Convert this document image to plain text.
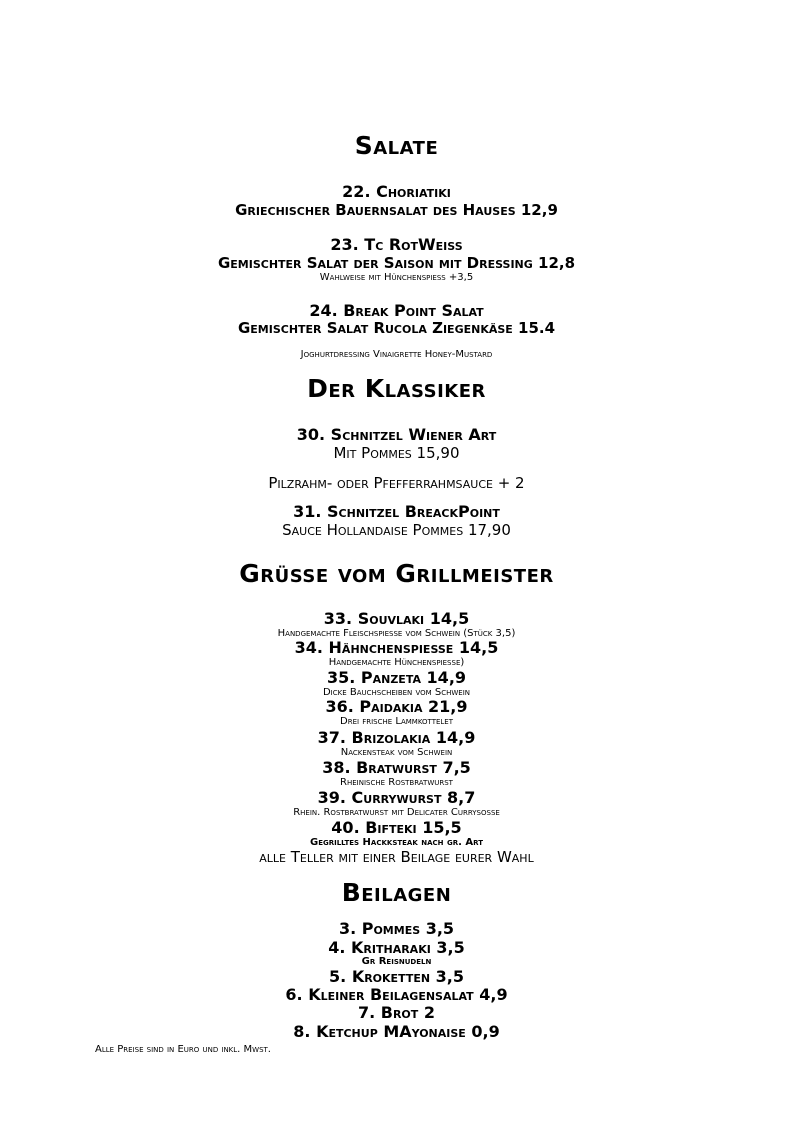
Salate
22. Choriatiki
Griechischer Bauernsalat des Hauses 12,9
23. Tc RotWeiss
Gemischter Salat der Saison mit Dressing 12,8
Wahlweise mit Hünchenspiess +3,5
24. Break Point Salat
Gemischter Salat Rucola Ziegenkäse 15.4
Joghurtdressing Vinaigrette Honey-Mustard
Der Klassiker
30. Schnitzel Wiener Art
Mit Pommes 15,90
Pilzrahm- oder Pfefferrahmsauce + 2
31. Schnitzel BreackPoint
Sauce Hollandaise Pommes 17,90
Grüsse vom Grillmeister
33. Souvlaki 14,5
Handgemachte Fleischspiesse vom Schwein (Stück 3,5)
34. Hähnchenspiesse 14,5
Handgemachte Hünchenspiesse)
35. Panzeta 14,9
Dicke Bauchscheiben vom Schwein
36. Paidakia 21,9
Drei frische Lammkottelet
37. Brizolakia 14,9
Nackensteak vom Schwein
38. Bratwurst 7,5
Rheinische Rostbratwurst
39. Currywurst 8,7
Rhein. Rostbratwurst mit Delicater Currysosse
40. Bifteki 15,5
Gegrilltes Hackksteak nach gr. Art
alle Teller mit einer Beilage eurer Wahl
Beilagen
3. Pommes 3,5
4. Kritharaki 3,5
Gr Reisnudeln
5. Kroketten 3,5
6. Kleiner Beilagensalat 4,9
7. Brot 2
8. Ketchup MAyonaise 0,9
Alle Preise sind in Euro und inkl. Mwst.
